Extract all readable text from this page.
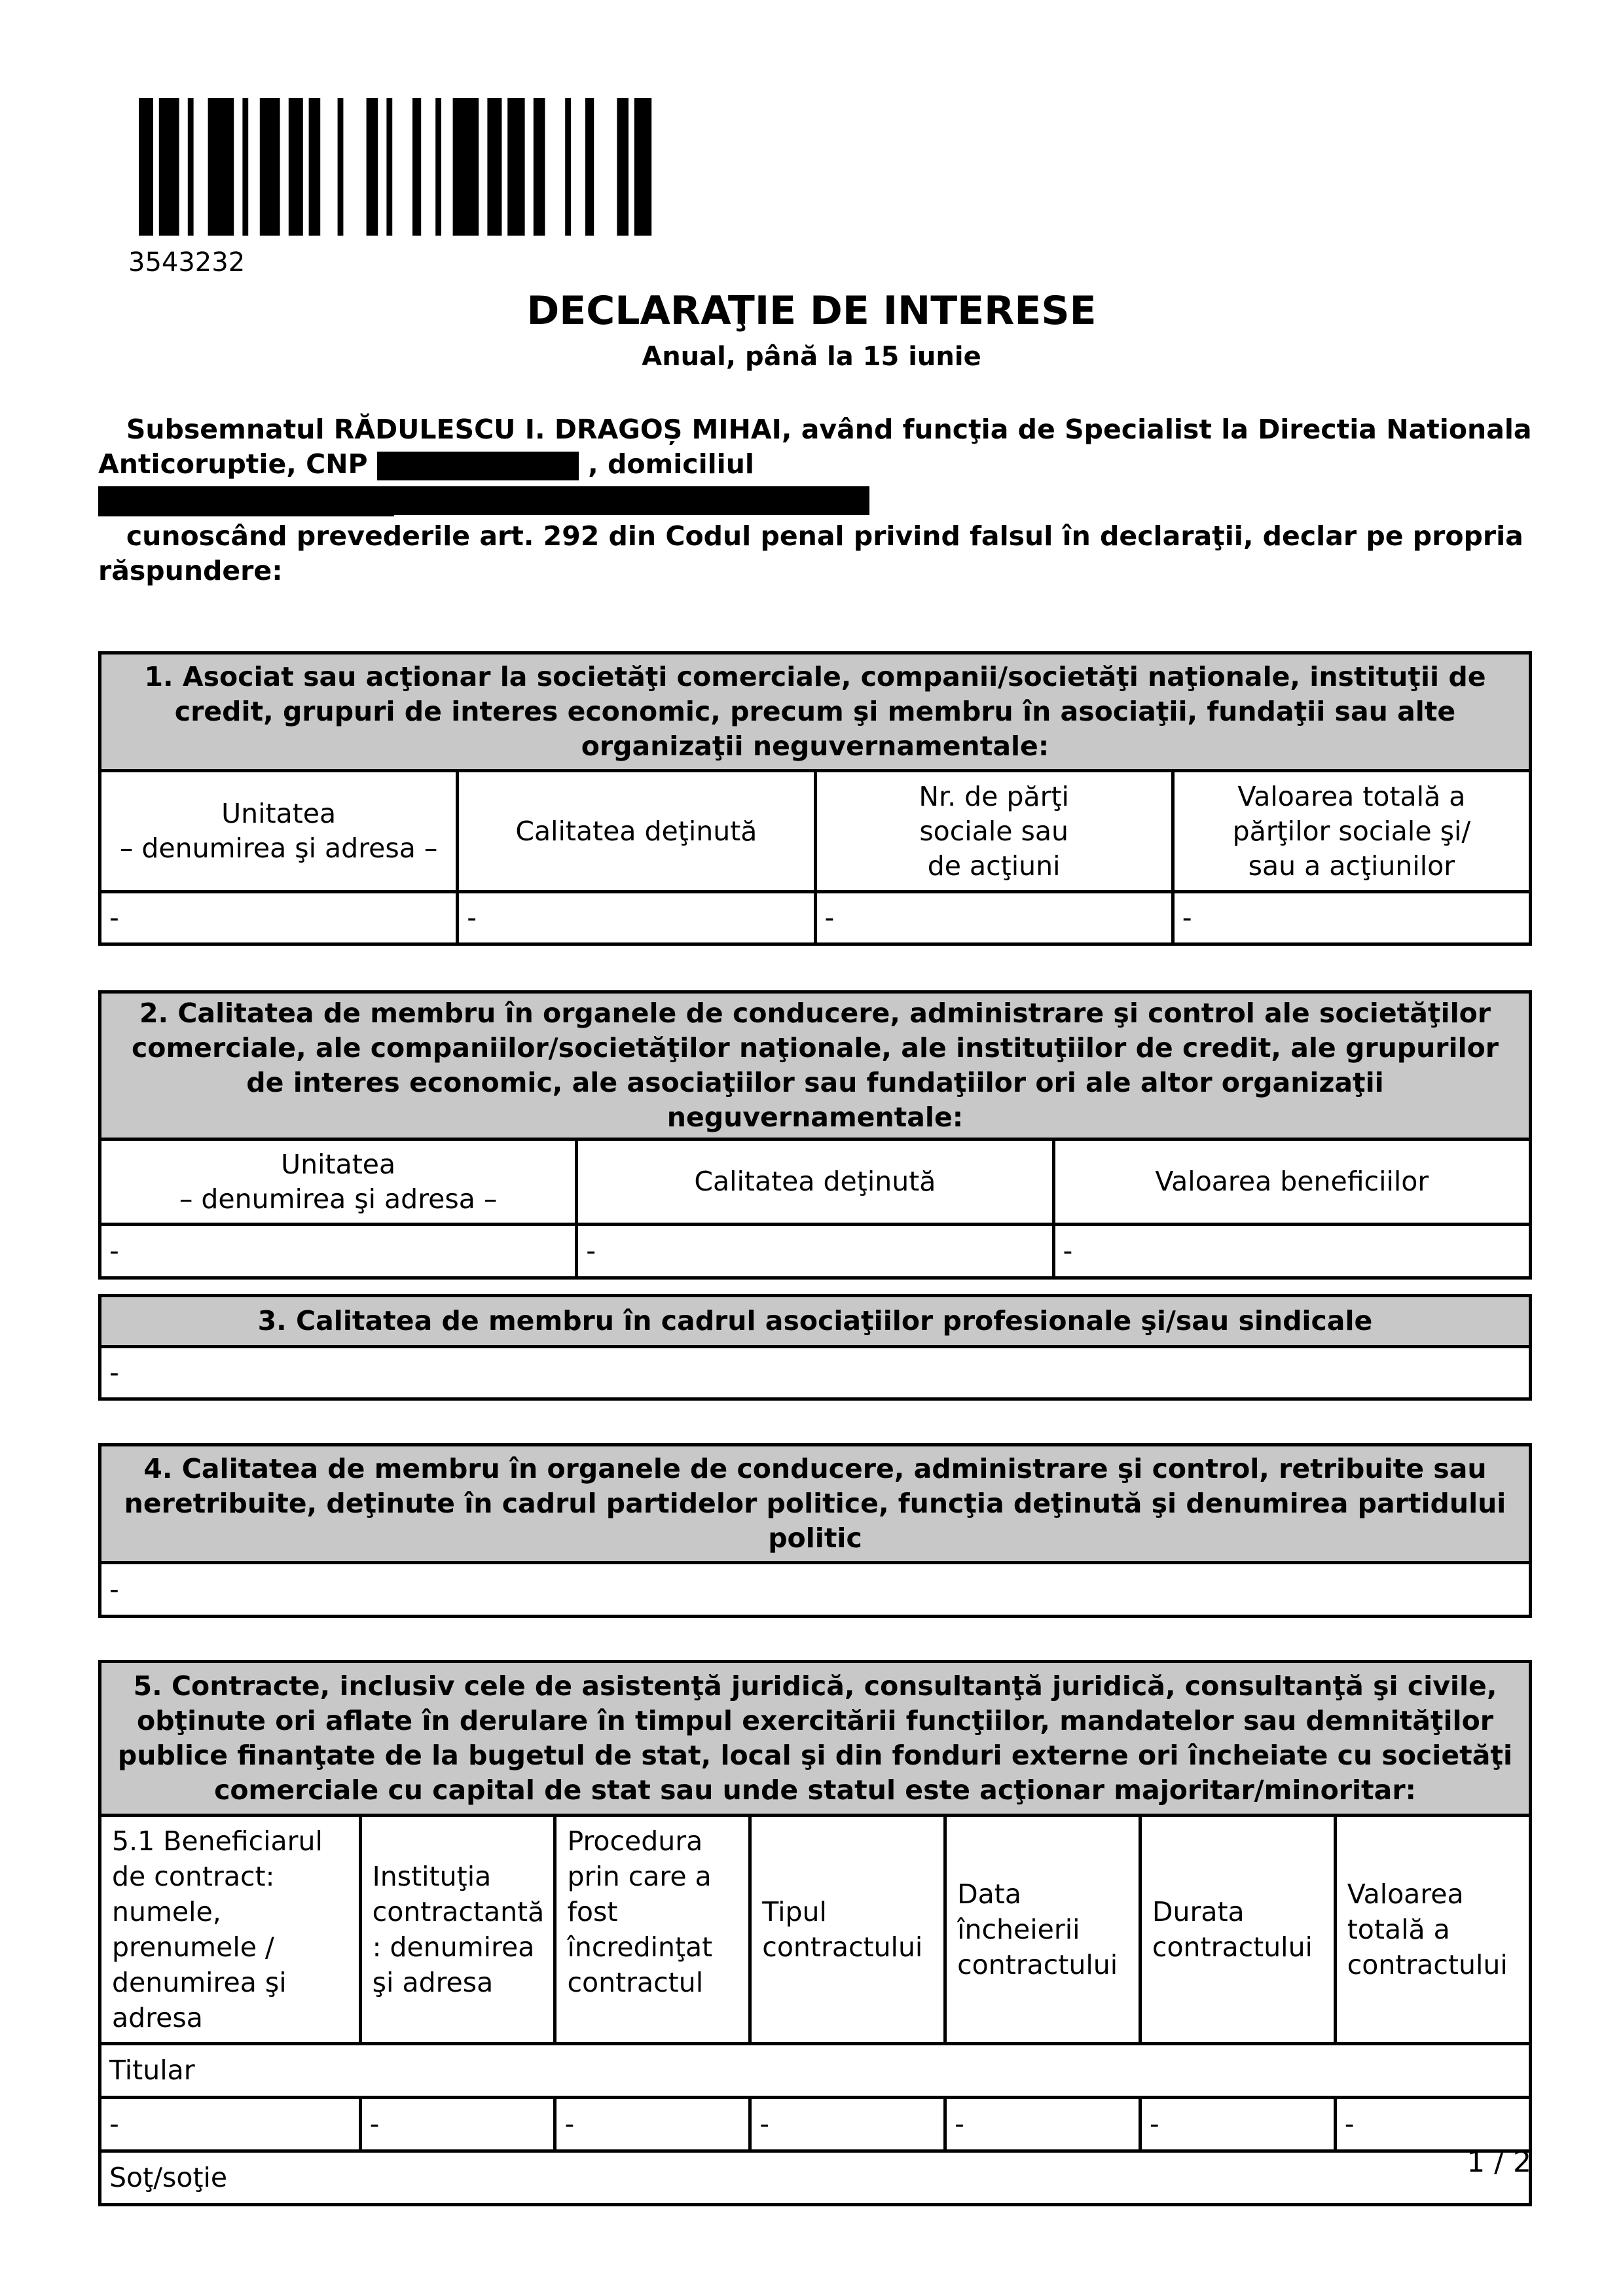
3543232
DECLARAŢIE DE INTERESE
Anual, până la 15 iunie
Subsemnatul RĂDULESCU I. DRAGOȘ MIHAI, având funcţia de Specialist la Directia Nationala
Anticoruptie, CNP	, domiciliul
cunoscând prevederile art. 292 din Codul penal privind falsul în declaraţii, declar pe propria
răspundere:
1. Asociat sau acţionar la societăţi comerciale, companii/societăţi naţionale, instituţii de credit, grupuri de interes economic, precum şi membru în asociaţii, fundaţii sau alte organizaţii neguvernamentale:			

Unitatea
– denumirea şi adresa –	Calitatea deţinută	Nr. de părţi
sociale sau
de acţiuni	Valoarea totală a
părţilor sociale şi/
sau a acţiunilor

-	-	-	-
2. Calitatea de membru în organele de conducere, administrare şi control ale societăţilor comerciale, ale companiilor/societăţilor naţionale, ale instituţiilor de credit, ale grupurilor de interes economic, ale asociaţiilor sau fundaţiilor ori ale altor organizaţii neguvernamentale:		

Unitatea
– denumirea şi adresa –	Calitatea deţinută	Valoarea beneficiilor

-	-	-
3. Calitatea de membru în cadrul asociaţiilor profesionale şi/sau sindicale
-
4. Calitatea de membru în organele de conducere, administrare şi control, retribuite sau neretribuite, deţinute în cadrul partidelor politice, funcţia deţinută şi denumirea partidului politic
-
5. Contracte, inclusiv cele de asistenţă juridică, consultanţă juridică, consultanţă şi civile, obţinute ori aflate în derulare în timpul exercitării funcţiilor, mandatelor sau demnităţilor publice finanţate de la bugetul de stat, local şi din fonduri externe ori încheiate cu societăţi comerciale cu capital de stat sau unde statul este acţionar majoritar/minoritar:						
5.1 Beneficiarul de contract: numele, prenumele / denumirea şi adresa	Instituţia contractantă : denumirea şi adresa	Procedura prin care a fost încredinţat contractul	Tipul contractului	Data încheierii contractului	Durata contractului	Valoarea totală a contractului
Titular						
-	-	-	-	-	-	-
Soţ/soţie							1 / 2
